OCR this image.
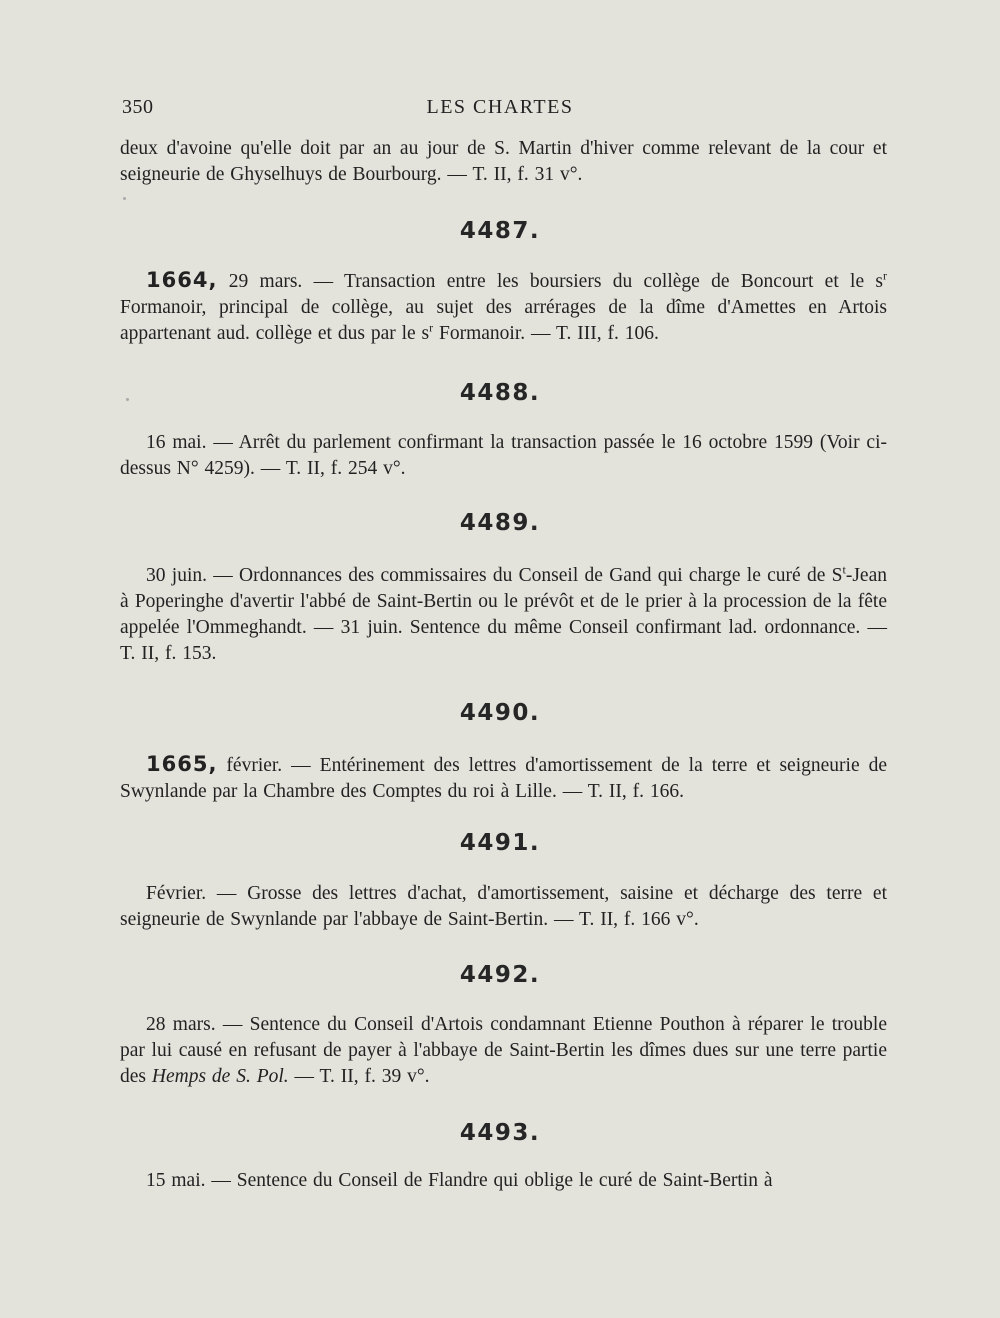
350	LES CHARTES
deux d'avoine qu'elle doit par an au jour de S. Martin d'hiver comme relevant de la cour et seigneurie de Ghyselhuys de Bourbourg. — T. II, f. 31 v°.
4487.
1664, 29 mars. — Transaction entre les boursiers du collège de Boncourt et le $s^r$ Formanoir, principal de collège, au sujet des arrérages de la dîme d'Amettes en Artois appartenant aud. collège et dus par le $s^r$ Formanoir. — T. III, f. 106.
4488.
16 mai. — Arrêt du parlement confirmant la transaction passée le 16 octobre 1599 (Voir ci-dessus N° 4259). — T. II, f. 254 v°.
4489.
30 juin. — Ordonnances des commissaires du Conseil de Gand qui charge le curé de $S^t$-Jean à Poperinghe d'avertir l'abbé de Saint-Bertin ou le prévôt et de le prier à la procession de la fête appelée l'Ommeghandt. — 31 juin. Sentence du même Conseil confirmant lad. ordonnance. — T. II, f. 153.
4490.
1665, février. — Entérinement des lettres d'amortissement de la terre et seigneurie de Swynlande par la Chambre des Comptes du roi à Lille. — T. II, f. 166.
4491.
Février. — Grosse des lettres d'achat, d'amortissement, saisine et décharge des terre et seigneurie de Swynlande par l'abbaye de Saint-Bertin. — T. II, f. 166 v°.
4492.
28 mars. — Sentence du Conseil d'Artois condamnant Etienne Pouthon à réparer le trouble par lui causé en refusant de payer à l'abbaye de Saint-Bertin les dîmes dues sur une terre partie des Hemps de S. Pol. — T. II, f. 39 v°.
4493.
15 mai. — Sentence du Conseil de Flandre qui oblige le curé de Saint-Bertin à
